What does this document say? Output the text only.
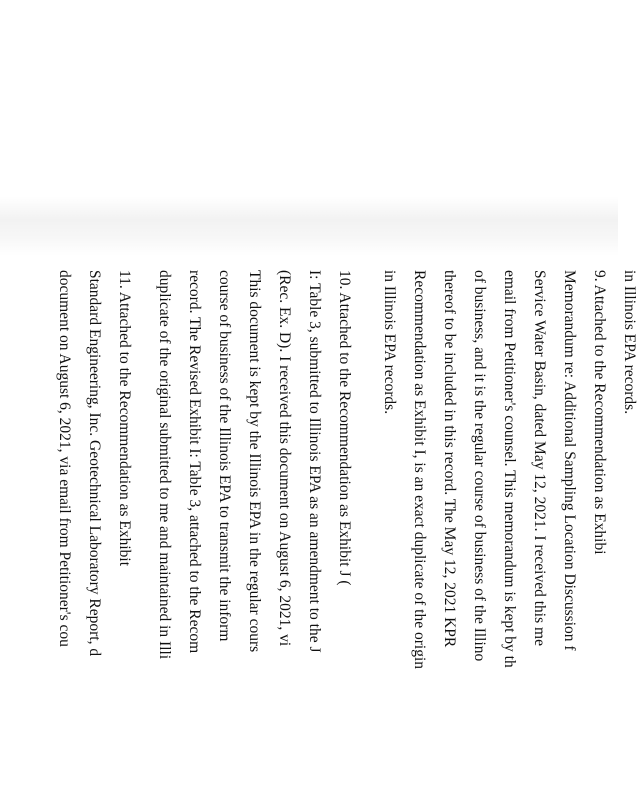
in Illinois EPA records.
9. Attached to the Recommendation as Exhibi
Memorandum re: Additional Sampling Location Discussion f
Service Water Basin, dated May 12, 2021. I received this me
email from Petitioner's counsel. This memorandum is kept by th
of business, and it is the regular course of business of the Illino
thereof to be included in this record. The May 12, 2021 KPR
Recommendation as Exhibit I, is an exact duplicate of the origin
in Illinois EPA records.
10. Attached to the Recommendation as Exhibit J (
I: Table 3, submitted to Illinois EPA as an amendment to the J
(Rec. Ex. D). I received this document on August 6, 2021, vi
This document is kept by the Illinois EPA in the regular cours
course of business of the Illinois EPA to transmit the inform
record. The Revised Exhibit I: Table 3, attached to the Recom
duplicate of the original submitted to me and maintained in Illi
11. Attached to the Recommendation as Exhibit
Standard Engineering, Inc. Geotechnical Laboratory Report, d
document on August 6, 2021, via email from Petitioner's cou
